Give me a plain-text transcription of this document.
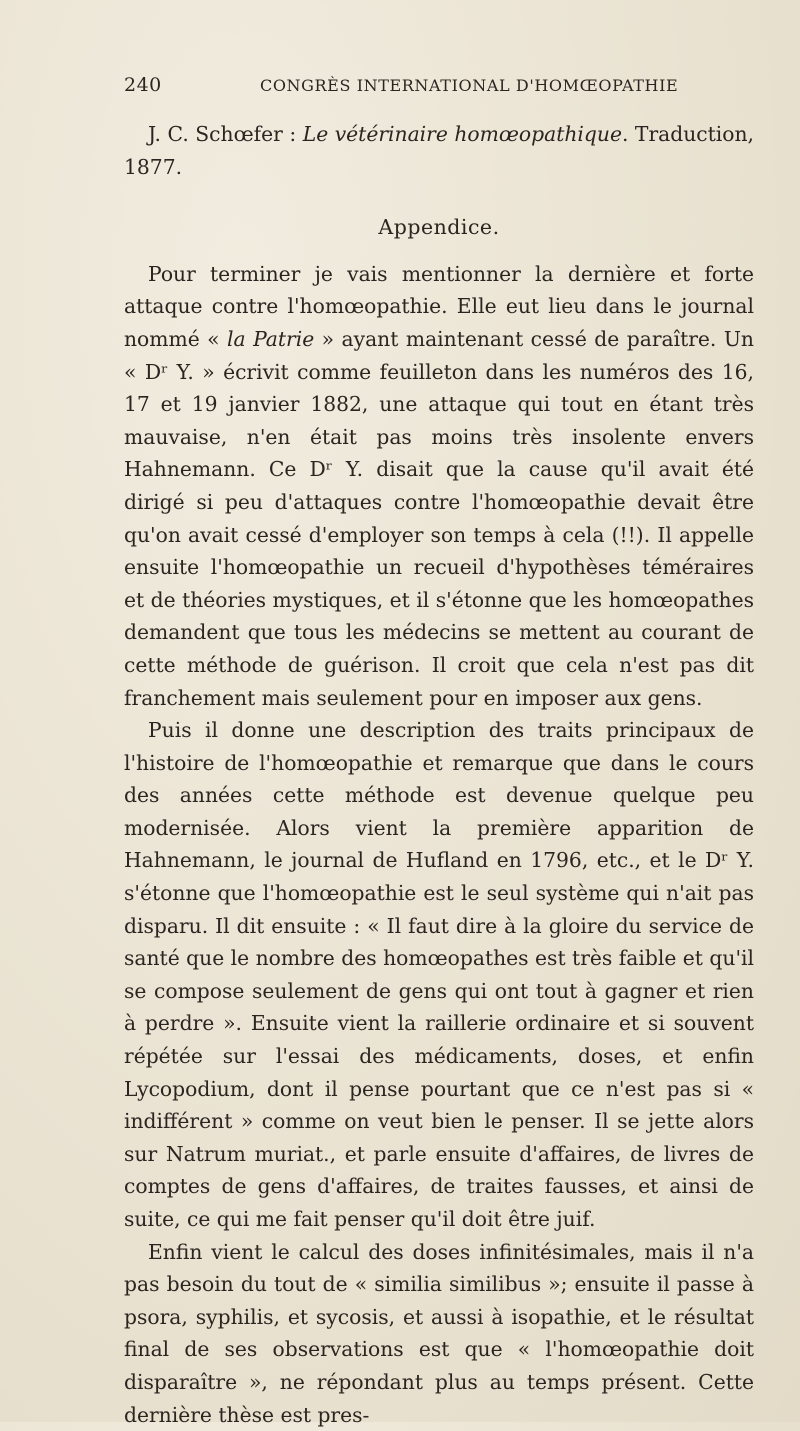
240	CONGRÈS INTERNATIONAL D'HOMŒOPATHIE

J. C. Schœfer : Le vétérinaire homœopathique. Traduction, 1877.

Appendice.

Pour terminer je vais mentionner la dernière et forte attaque contre l'homœopathie. Elle eut lieu dans le journal nommé « la Patrie » ayant maintenant cessé de paraître. Un « Dʳ Y. » écrivit comme feuilleton dans les numéros des 16, 17 et 19 janvier 1882, une attaque qui tout en étant très mauvaise, n'en était pas moins très insolente envers Hahnemann. Ce Dʳ Y. disait que la cause qu'il avait été dirigé si peu d'attaques contre l'homœopathie devait être qu'on avait cessé d'employer son temps à cela (!!). Il appelle ensuite l'homœopathie un recueil d'hypothèses téméraires et de théories mystiques, et il s'étonne que les homœopathes demandent que tous les médecins se mettent au courant de cette méthode de guérison. Il croit que cela n'est pas dit franchement mais seulement pour en imposer aux gens.

Puis il donne une description des traits principaux de l'histoire de l'homœopathie et remarque que dans le cours des années cette méthode est devenue quelque peu modernisée. Alors vient la première apparition de Hahnemann, le journal de Hufland en 1796, etc., et le Dʳ Y. s'étonne que l'homœopathie est le seul système qui n'ait pas disparu. Il dit ensuite : « Il faut dire à la gloire du service de santé que le nombre des homœopathes est très faible et qu'il se compose seulement de gens qui ont tout à gagner et rien à perdre ». Ensuite vient la raillerie ordinaire et si souvent répétée sur l'essai des médicaments, doses, et enfin Lycopodium, dont il pense pourtant que ce n'est pas si « indifférent » comme on veut bien le penser. Il se jette alors sur Natrum muriat., et parle ensuite d'affaires, de livres de comptes de gens d'affaires, de traites fausses, et ainsi de suite, ce qui me fait penser qu'il doit être juif.

Enfin vient le calcul des doses infinitésimales, mais il n'a pas besoin du tout de « similia similibus »; ensuite il passe à psora, syphilis, et sycosis, et aussi à isopathie, et le résultat final de ses observations est que « l'homœopathie doit disparaître », ne répondant plus au temps présent. Cette dernière thèse est pres-
